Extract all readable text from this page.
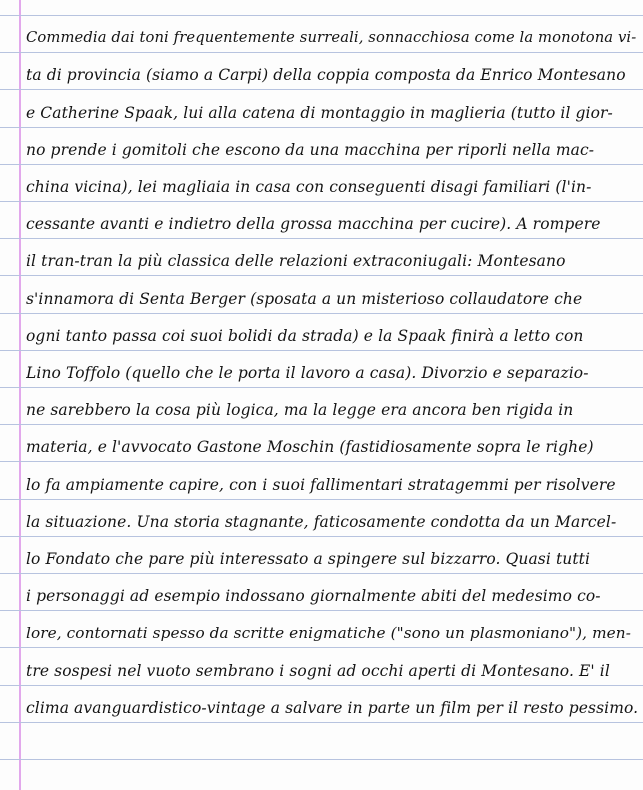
Commedia dai toni frequentemente surreali, sonnacchiosa come la monotona vi-
ta di provincia (siamo a Carpi) della coppia composta da Enrico Montesano
e Catherine Spaak, lui alla catena di montaggio in maglieria (tutto il gior-
no prende i gomitoli che escono da una macchina per riporli nella mac-
china vicina), lei magliaia in casa con conseguenti disagi familiari (l'in-
cessante avanti e indietro della grossa macchina per cucire). A rompere
il tran-tran la più classica delle relazioni extraconiugali: Montesano
s'innamora di Senta Berger (sposata a un misterioso collaudatore che
ogni tanto passa coi suoi bolidi da strada) e la Spaak finirà a letto con
Lino Toffolo (quello che le porta il lavoro a casa). Divorzio e separazio-
ne sarebbero la cosa più logica, ma la legge era ancora ben rigida in
materia, e l'avvocato Gastone Moschin (fastidiosamente sopra le righe)
lo fa ampiamente capire, con i suoi fallimentari stratagemmi per risolvere
la situazione. Una storia stagnante, faticosamente condotta da un Marcel-
lo Fondato che pare più interessato a spingere sul bizzarro. Quasi tutti
i personaggi ad esempio indossano giornalmente abiti del medesimo co-
lore, contornati spesso da scritte enigmatiche ("sono un plasmoniano"), men-
tre sospesi nel vuoto sembrano i sogni ad occhi aperti di Montesano. E' il
clima avanguardistico-vintage a salvare in parte un film per il resto pessimo.
